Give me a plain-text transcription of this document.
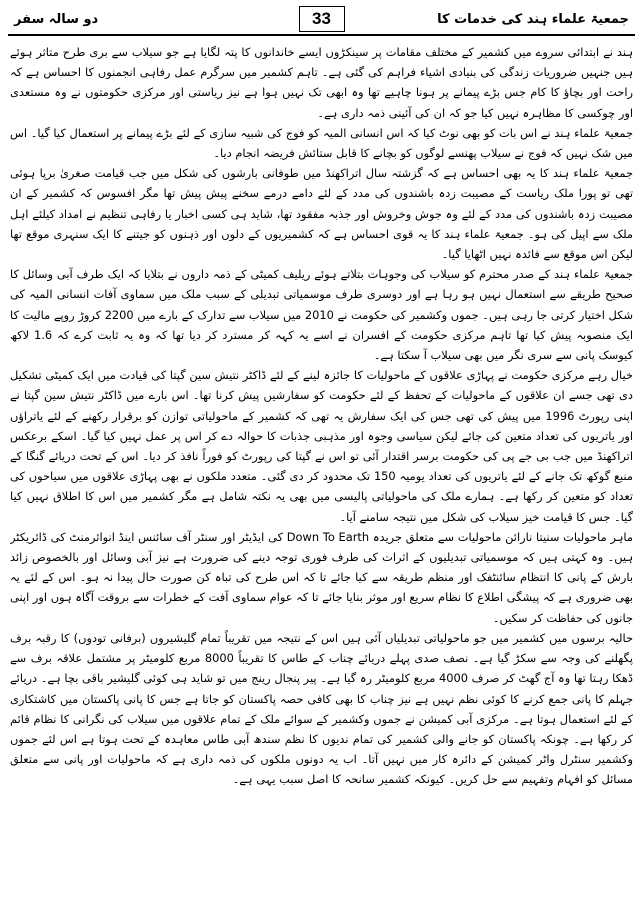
دو سالہ سفر	جمعیۃ علماء ہند کی خدمات کا
33

ہند نے ابتدائی سروے میں کشمیر کے مختلف مقامات پر سینکڑوں ایسے خاندانوں کا پتہ لگایا ہے جو سیلاب سے بری طرح متاثر ہوئے ہیں جنہیں ضروریات زندگی کی بنیادی اشیاء فراہم کی گئی ہے۔ تاہم کشمیر میں سرگرم عمل رفاہی انجمنوں کا احساس ہے کہ راحت اور بچاؤ کا کام جس بڑے پیمانے پر ہونا چاہیے تھا وہ ابھی تک نہیں ہوا ہے نیز ریاستی اور مرکزی حکومتوں نے وہ مستعدی اور چوکسی کا مظاہرہ نہیں کیا جو کہ ان کی آئینی ذمہ داری ہے۔

جمعیۃ علماء ہند نے اس بات کو بھی نوٹ کیا کہ اس انسانی المیہ کو فوج کی شبیہ سازی کے لئے بڑے پیمانے پر استعمال کیا گیا۔ اس میں شک نہیں کہ فوج نے سیلاب پھنسے لوگوں کو بچانے کا قابل ستائش فریضہ انجام دیا۔

جمعیۃ علماء ہند کا یہ بھی احساس ہے کہ گزشتہ سال اتراکھنڈ میں طوفانی بارشوں کی شکل میں جب قیامت صغریٰ برپا ہوئی تھی تو پورا ملک ریاست کے مصیبت زدہ باشندوں کی مدد کے لئے دامے درمے سخنے پیش پیش تھا مگر افسوس کہ کشمیر کے ان مصیبت زدہ باشندوں کی مدد کے لئے وہ جوش وخروش اور جذبہ مفقود تھا، شاید ہی کسی اخبار یا رفاہی تنظیم نے امداد کیلئے اہل ملک سے اپیل کی ہو۔ جمعیۃ علماء ہند کا یہ قوی احساس ہے کہ کشمیریوں کے دلوں اور ذہنوں کو جیتنے کا ایک سنہری موقع تھا لیکن اس موقع سے فائدہ نہیں اٹھایا گیا۔

جمعیۃ علماء ہند کے صدر محترم کو سیلاب کی وجوہات بتلاتے ہوئے ریلیف کمیٹی کے ذمہ داروں نے بتلایا کہ ایک طرف آبی وسائل کا صحیح طریقے سے استعمال نہیں ہو رہا ہے اور دوسری طرف موسمیاتی تبدیلی کے سبب ملک میں سماوی آفات انسانی المیہ کی شکل اختیار کرتی جا رہی ہیں۔ جموں وکشمیر کی حکومت نے 2010 میں سیلاب سے تدارک کے بارے میں 2200 کروڑ روپے مالیت کا ایک منصوبہ پیش کیا تھا تاہم مرکزی حکومت کے افسران نے اسے یہ کہہ کر مسترد کر دیا تھا کہ وہ یہ ثابت کرے کہ 1.6 لاکھ کیوسک پانی سے سری نگر میں بھی سیلاب آ سکتا ہے۔

خیال رہے مرکزی حکومت نے پہاڑی علاقوں کے ماحولیات کا جائزہ لینے کے لئے ڈاکٹر نتیش سین گپتا کی قیادت میں ایک کمیٹی تشکیل دی تھی جسے ان علاقوں کے ماحولیات کے تحفظ کے لئے حکومت کو سفارشیں پیش کرنا تھا۔ اس بارے میں ڈاکٹر نتیش سین گپتا نے اپنی رپورٹ 1996 میں پیش کی تھی جس کی ایک سفارش یہ تھی کہ کشمیر کے ماحولیاتی توازن کو برقرار رکھنے کے لئے یاتراؤں اور یاتریوں کی تعداد متعین کی جائے لیکن سیاسی وجوہ اور مذہبی جذبات کا حوالہ دے کر اس پر عمل نہیں کیا گیا۔ اسکے برعکس اتراکھنڈ میں جب بی جے پی کی حکومت برسر اقتدار آئی تو اس نے گپتا کی رپورٹ کو فوراً نافذ کر دیا۔ اس کے تحت دریائے گنگا کے منبع گوکھ تک جانے کے لئے یاتریوں کی تعداد یومیہ 150 تک محدود کر دی گئی۔ متعدد ملکوں نے بھی پہاڑی علاقوں میں سیاحوں کی تعداد کو متعین کر رکھا ہے۔ ہمارے ملک کی ماحولیاتی پالیسی میں بھی یہ نکتہ شامل ہے مگر کشمیر میں اس کا اطلاق نہیں کیا گیا۔ جس کا قیامت خیز سیلاب کی شکل میں نتیجہ سامنے آیا۔

ماہر ماحولیات سنیتا نارائن ماحولیات سے متعلق جریدہ Down To Earth کی ایڈیٹر اور سنٹر آف سائنس اینڈ انوائرمنٹ کی ڈائریکٹر ہیں۔ وہ کہتی ہیں کہ موسمیاتی تبدیلیوں کے اثرات کی طرف فوری توجہ دینے کی ضرورت ہے نیز آبی وسائل اور بالخصوص زائد بارش کے پانی کا انتظام سائنٹفک اور منظم طریقہ سے کیا جائے تا کہ اس طرح کی تباہ کن صورت حال پیدا نہ ہو۔ اس کے لئے یہ بھی ضروری ہے کہ پیشگی اطلاع کا نظام سریع اور موثر بنایا جائے تا کہ عوام سماوی آفت کے خطرات سے بروقت آگاہ ہوں اور اپنی جانوں کی حفاظت کر سکیں۔

حالیہ برسوں میں کشمیر میں جو ماحولیاتی تبدیلیاں آئی ہیں اس کے نتیجہ میں تقریباً تمام گلیشیروں (برفانی تودوں) کا رقبہ برف پگھلنے کی وجہ سے سکڑ گیا ہے۔ نصف صدی پہلے دریائے چناب کے طاس کا تقریباً 8000 مربع کلومیٹر پر مشتمل علاقہ برف سے ڈھکا رہتا تھا وہ آج گھٹ کر صرف 4000 مربع کلومیٹر رہ گیا ہے۔ پیر پنجال رینج میں تو شاید ہی کوئی گلیشیر باقی بچا ہے۔ دریائے جہلم کا پانی جمع کرنے کا کوئی نظم نہیں ہے نیز چناب کا بھی کافی حصہ پاکستان کو جاتا ہے جس کا پانی پاکستان میں کاشتکاری کے لئے استعمال ہوتا ہے۔ مرکزی آبی کمیشن نے جموں وکشمیر کے سوائے ملک کے تمام علاقوں میں سیلاب کی نگرانی کا نظام قائم کر رکھا ہے۔ چونکہ پاکستان کو جانے والی کشمیر کی تمام ندیوں کا نظم سندھ آبی طاس معاہدہ کے تحت ہوتا ہے اس لئے جموں وکشمیر سنٹرل واٹر کمیشن کے دائرہ کار میں نہیں آتا۔ اب یہ دونوں ملکوں کی ذمہ داری ہے کہ ماحولیات اور پانی سے متعلق مسائل کو افہام وتفہیم سے حل کریں۔ کیونکہ کشمیر سانحہ کا اصل سبب یہی ہے۔
